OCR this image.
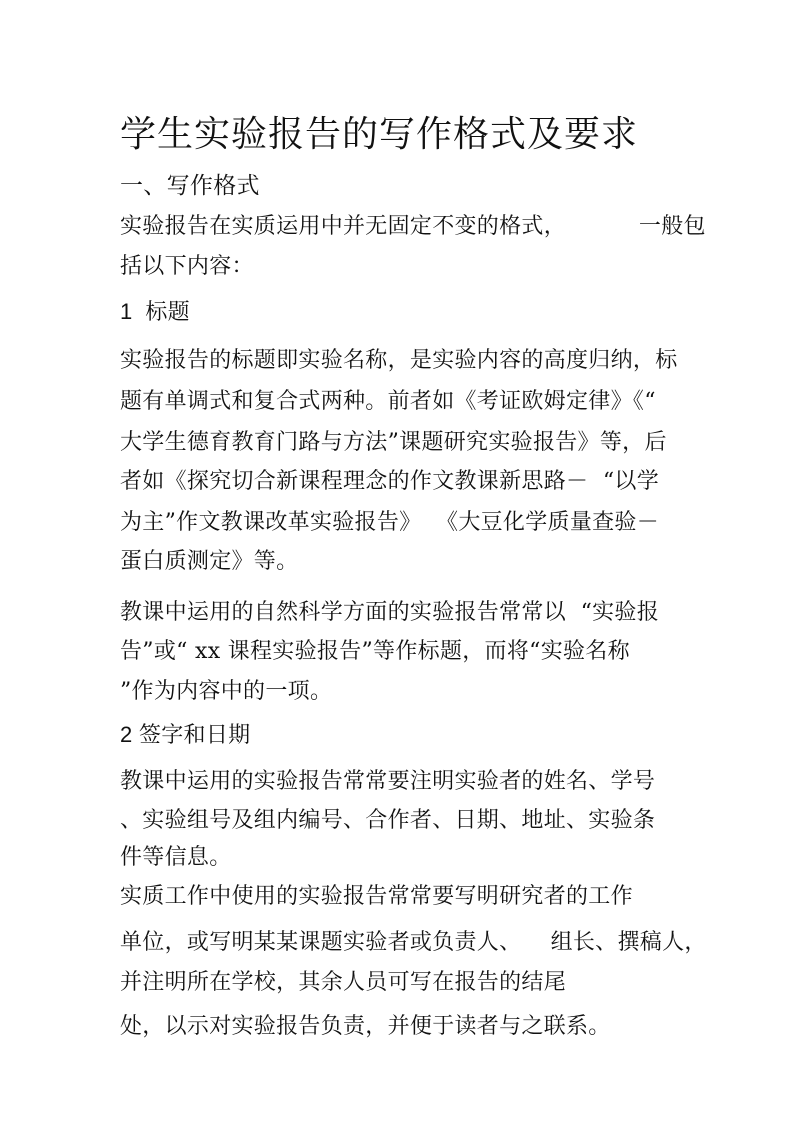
学生实验报告的写作格式及要求
一、写作格式
实验报告在实质运用中并无固定不变的格式，          一般包
括以下内容：
1  标题
实验报告的标题即实验名称，是实验内容的高度归纳，标
题有单调式和复合式两种。前者如《考证欧姆定律》《“
大学生德育教育门路与方法”课题研究实验报告》等，后
者如《探究切合新课程理念的作文教课新思路－  “以学
为主”作文教课改革实验报告》  《大豆化学质量查验－
蛋白质测定》等。
教课中运用的自然科学方面的实验报告常常以  “实验报
告”或“ xx 课程实验报告”等作标题，而将“实验名称
”作为内容中的一项。
2 签字和日期
教课中运用的实验报告常常要注明实验者的姓名、学号
、实验组号及组内编号、合作者、日期、地址、实验条
件等信息。
实质工作中使用的实验报告常常要写明研究者的工作
单位，或写明某某课题实验者或负责人、    组长、撰稿人，
并注明所在学校，其余人员可写在报告的结尾
处，以示对实验报告负责，并便于读者与之联系。
